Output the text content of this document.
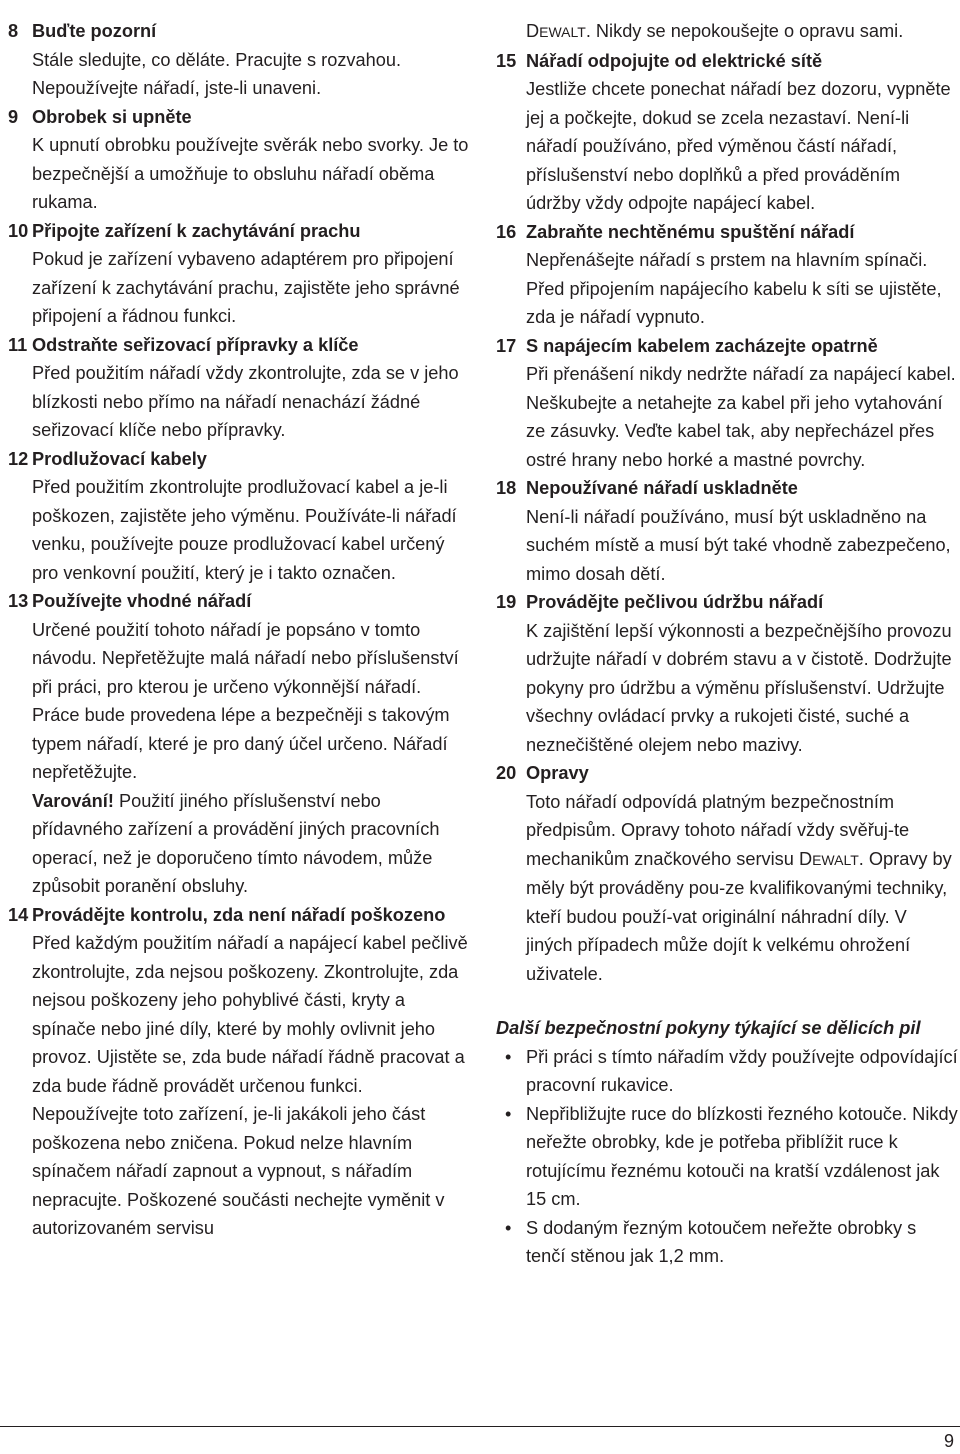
8 Buďte pozorní
Stále sledujte, co děláte. Pracujte s rozvahou. Nepoužívejte nářadí, jste-li unaveni.
9 Obrobek si upněte
K upnutí obrobku používejte svěrák nebo svorky. Je to bezpečnější a umožňuje to obsluhu nářadí oběma rukama.
10 Připojte zařízení k zachytávání prachu
Pokud je zařízení vybaveno adaptérem pro připojení zařízení k zachytávání prachu, zajistěte jeho správné připojení a řádnou funkci.
11 Odstraňte seřizovací přípravky a klíče
Před použitím nářadí vždy zkontrolujte, zda se v jeho blízkosti nebo přímo na nářadí nenachází žádné seřizovací klíče nebo přípravky.
12 Prodlužovací kabely
Před použitím zkontrolujte prodlužovací kabel a je-li poškozen, zajistěte jeho výměnu. Používáte-li nářadí venku, používejte pouze prodlužovací kabel určený pro venkovní použití, který je i takto označen.
13 Používejte vhodné nářadí
Určené použití tohoto nářadí je popsáno v tomto návodu. Nepřetěžujte malá nářadí nebo příslušenství při práci, pro kterou je určeno výkonnější nářadí. Práce bude provedena lépe a bezpečněji s takovým typem nářadí, které je pro daný účel určeno. Nářadí nepřetěžujte.
Varování! Použití jiného příslušenství nebo přídavného zařízení a provádění jiných pracovních operací, než je doporučeno tímto návodem, může způsobit poranění obsluhy.
14 Provádějte kontrolu, zda není nářadí poškozeno
Před každým použitím nářadí a napájecí kabel pečlivě zkontrolujte, zda nejsou poškozeny. Zkontrolujte, zda nejsou poškozeny jeho pohyblivé části, kryty a spínače nebo jiné díly, které by mohly ovlivnit jeho provoz. Ujistěte se, zda bude nářadí řádně pracovat a zda bude řádně provádět určenou funkci. Nepoužívejte toto zařízení, je-li jakákoli jeho část poškozena nebo zničena. Pokud nelze hlavním spínačem nářadí zapnout a vypnout, s nářadím nepracujte. Poškozené součásti nechejte vyměnit v autorizovaném servisu
DEWALT. Nikdy se nepokoušejte o opravu sami.
15 Nářadí odpojujte od elektrické sítě
Jestliže chcete ponechat nářadí bez dozoru, vypněte jej a počkejte, dokud se zcela nezastaví. Není-li nářadí používáno, před výměnou částí nářadí, příslušenství nebo doplňků a před prováděním údržby vždy odpojte napájecí kabel.
16 Zabraňte nechtěnému spuštění nářadí
Nepřenášejte nářadí s prstem na hlavním spínači. Před připojením napájecího kabelu k síti se ujistěte, zda je nářadí vypnuto.
17 S napájecím kabelem zacházejte opatrně
Při přenášení nikdy nedržte nářadí za napájecí kabel. Neškubejte a netahejte za kabel při jeho vytahování ze zásuvky. Veďte kabel tak, aby nepřecházel přes ostré hrany nebo horké a mastné povrchy.
18 Nepoužívané nářadí uskladněte
Není-li nářadí používáno, musí být uskladněno na suchém místě a musí být také vhodně zabezpečeno, mimo dosah dětí.
19 Provádějte pečlivou údržbu nářadí
K zajištění lepší výkonnosti a bezpečnějšího provozu udržujte nářadí v dobrém stavu a v čistotě. Dodržujte pokyny pro údržbu a výměnu příslušenství. Udržujte všechny ovládací prvky a rukojeti čisté, suché a neznečištěné olejem nebo mazivy.
20 Opravy
Toto nářadí odpovídá platným bezpečnostním předpisům. Opravy tohoto nářadí vždy svěřuj-te mechanikům značkového servisu DEWALT. Opravy by měly být prováděny pou-ze kvalifikovanými techniky, kteří budou použí-vat originální náhradní díly. V jiných případech může dojít k velkému ohrožení uživatele.
Další bezpečnostní pokyny týkající se dělicích pil
• Při práci s tímto nářadím vždy používejte odpovídající pracovní rukavice.
• Nepřibližujte ruce do blízkosti řezného kotouče. Nikdy neřežte obrobky, kde je potřeba přiblížit ruce k rotujícímu řeznému kotouči na kratší vzdálenost jak 15 cm.
• S dodaným řezným kotoučem neřežte obrobky s tenčí stěnou jak 1,2 mm.
9
